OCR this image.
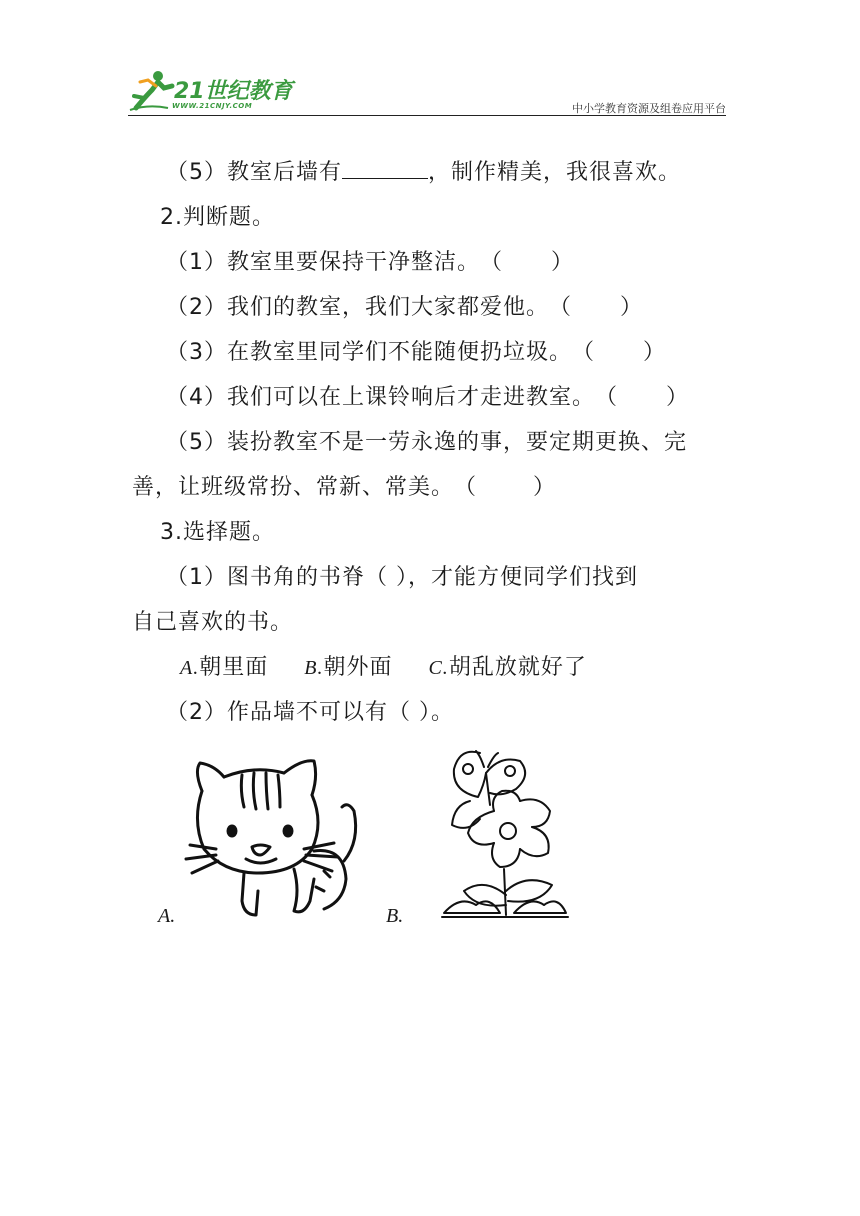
21世纪教育
WWW.21CNJY.COM	中小学教育资源及组卷应用平台
（5）教室后墙有	，制作精美，我很喜欢。
2.判断题。
（1）教室里要保持干净整洁。（      ）
（2）我们的教室，我们大家都爱他。（      ）
（3）在教室里同学们不能随便扔垃圾。（      ）
（4）我们可以在上课铃响后才走进教室。（      ）
（5）装扮教室不是一劳永逸的事，要定期更换、完
善，让班级常扮、常新、常美。（       ）
3.选择题。
（1）图书角的书脊（ ），才能方便同学们找到
自己喜欢的书。
A.朝里面 B.朝外面 C.胡乱放就好了
（2）作品墙不可以有（ ）。
A.	B.
